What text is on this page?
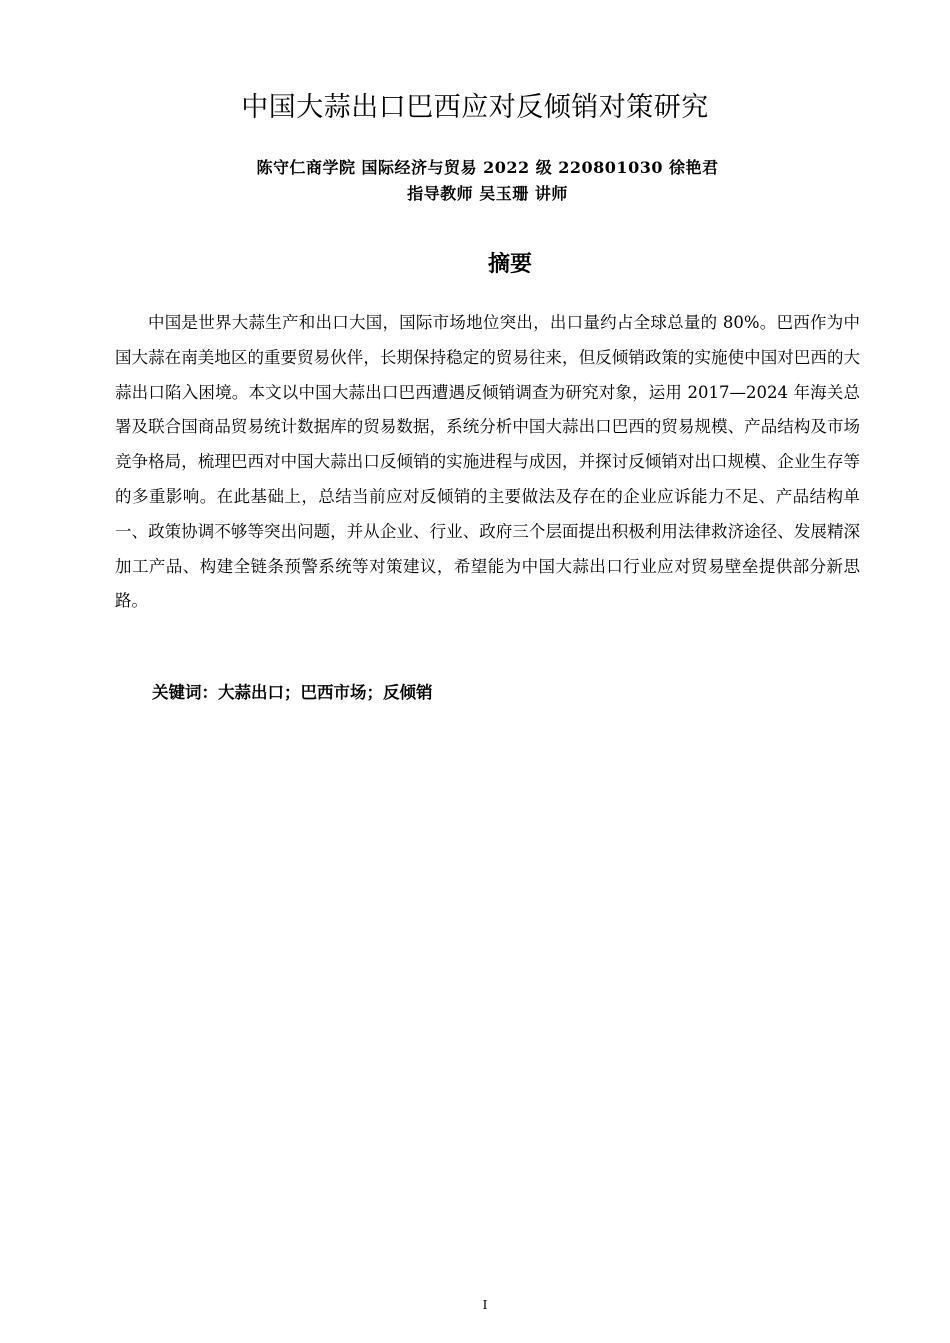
中国大蒜出口巴西应对反倾销对策研究
陈守仁商学院 国际经济与贸易 2022 级 220801030 徐艳君
指导教师 吴玉珊 讲师
摘要

中国是世界大蒜生产和出口大国，国际市场地位突出，出口量约占全球总量的 80%。巴西作为中国大蒜在南美地区的重要贸易伙伴，长期保持稳定的贸易往来，但反倾销政策的实施使中国对巴西的大蒜出口陷入困境。本文以中国大蒜出口巴西遭遇反倾销调查为研究对象，运用 2017—2024 年海关总署及联合国商品贸易统计数据库的贸易数据，系统分析中国大蒜出口巴西的贸易规模、产品结构及市场竞争格局，梳理巴西对中国大蒜出口反倾销的实施进程与成因，并探讨反倾销对出口规模、企业生存等的多重影响。在此基础上，总结当前应对反倾销的主要做法及存在的企业应诉能力不足、产品结构单一、政策协调不够等突出问题，并从企业、行业、政府三个层面提出积极利用法律救济途径、发展精深加工产品、构建全链条预警系统等对策建议，希望能为中国大蒜出口行业应对贸易壁垒提供部分新思路。

关键词：大蒜出口；巴西市场；反倾销
I
